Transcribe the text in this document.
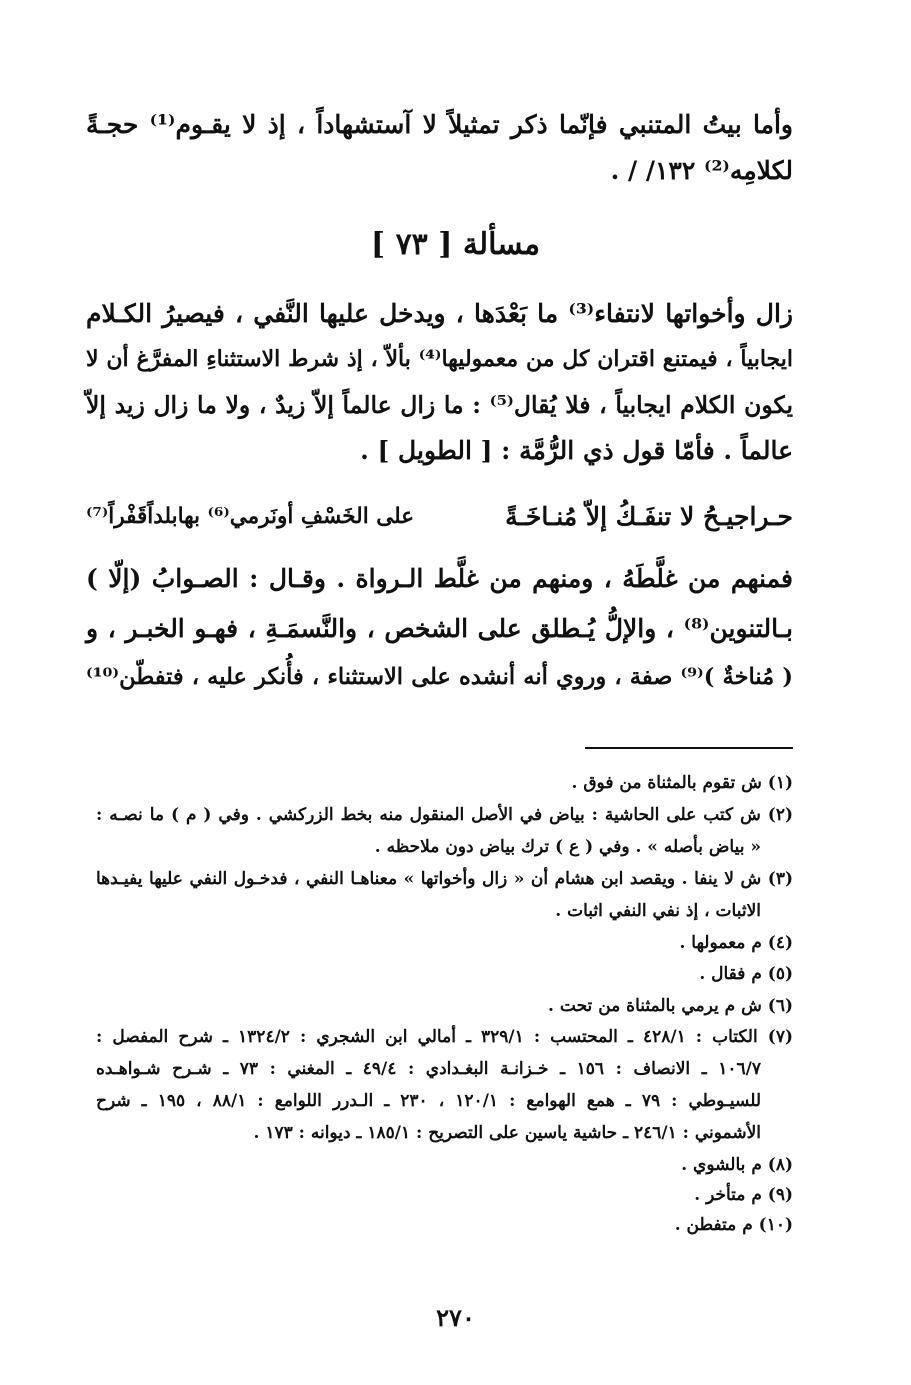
وأما بيتُ المتنبي فإنّما ذكر تمثيلاً لا آستشهاداً ، إذ لا يقـوم⁽¹⁾ حجـةً
لكلامِه⁽²⁾ ١٣٢/ / .
مسألة [ ٧٣ ]
زال وأخواتها لانتفاء⁽³⁾ ما بَعْدَها ، ويدخل عليها النَّفي ، فيصيرُ الكـلام
ايجابياً ، فيمتنع اقتران كل من معموليها⁽⁴⁾ بألاّ ، إذ شرط الاستثناءِ المفرَّغ أن لا
يكون الكلام ايجابياً ، فلا يُقال⁽⁵⁾ : ما زال عالماً إلاّ زيدٌ ، ولا ما زال زيد إلاّ
عالماً . فأمّا قول ذي الرُّمَّة : [ الطويل ] .
حـراجيـحُ لا تنفَـكُ إلاّ مُنـاخَـةً
على الخَسْفِ أونَرمي⁽⁶⁾ بهابلداًقَفْراً⁽⁷⁾
فمنهم من غلَّطَهُ ، ومنهم من غلَّط الـرواة . وقـال : الصـوابُ (إلّا )
بـالتنوين⁽⁸⁾ ، والإلُّ يُـطلق على الشخص ، والنَّسمَـةِ ، فهـو الخبـر ، و
( مُناخةٌ )⁽⁹⁾ صفة ، وروي أنه أنشده على الاستثناء ، فأُنكر عليه ، فتفطّن⁽¹⁰⁾
(١) ش تقوم بالمثناة من فوق .
(٢) ش كتب على الحاشية : بياض في الأصل المنقول منه بخط الزركشي . وفي ( م ) ما نصـه :
« بياض بأصله » . وفي ( ع ) ترك بياض دون ملاحظه .
(٣) ش لا ينفا . ويقصد ابن هشام أن « زال وأخواتها » معناهـا النفي ، فدخـول النفي عليها يفيـدها
الاثبات ، إذ نفي النفي اثبات .
(٤) م معمولها .
(٥) م فقال .
(٦) ش م يرمي بالمثناة من تحت .
(٧) الكتاب : ٤٢٨/١ ـ المحتسب : ٣٢٩/١ ـ أمالي ابن الشجري : ١٣٢٤/٢ ـ شرح المفصل :
١٠٦/٧ ـ الانصاف : ١٥٦ ـ خـزانـة البغـدادي : ٤٩/٤ ـ المغني : ٧٣ ـ شـرح شـواهـده
للسيـوطي : ٧٩ ـ همع الهوامع : ١٢٠/١ ، ٢٣٠ ـ الـدرر اللوامع : ٨٨/١ ، ١٩٥ ـ شرح
الأشموني : ٢٤٦/١ ـ حاشية ياسين على التصريح : ١٨٥/١ ـ ديوانه : ١٧٣ .
(٨) م بالشوي .
(٩) م متأخر .
(١٠) م متفطن .
٢٧٠
